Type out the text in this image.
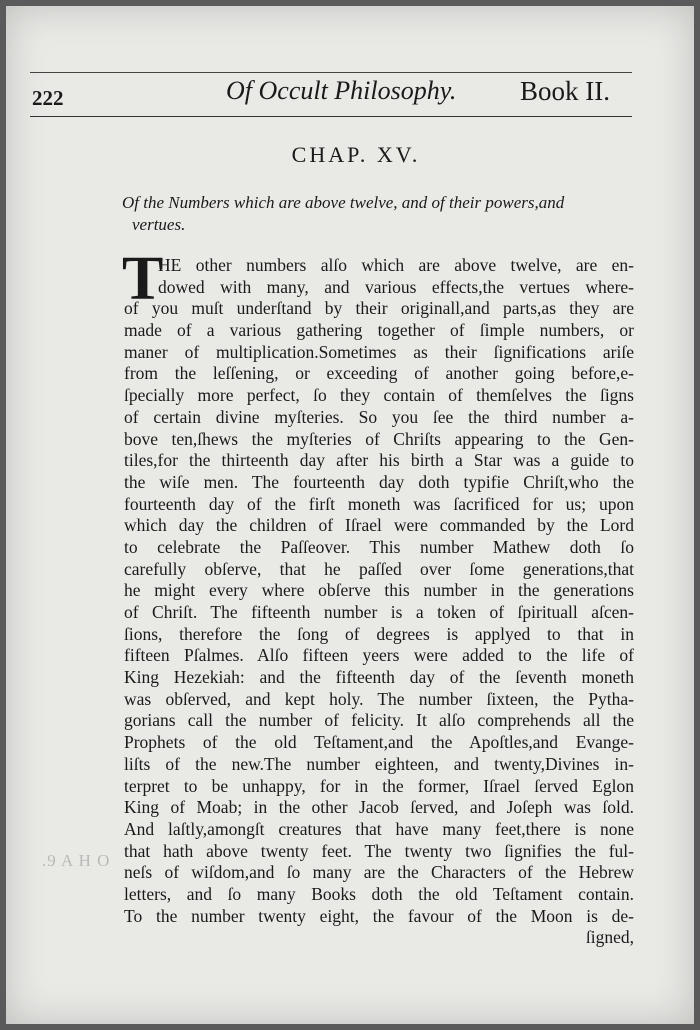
.9 A H O
222	Of Occult Philosophy. Book II.
CHAP. XV.
Of the Numbers which are above twelve, and of their powers,and
vertues.
T
HE other numbers alſo which are above twelve, are en-
dowed with many, and various effects,the vertues where-
of you muſt underſtand by their originall,and parts,as they are
made of a various gathering together of ſimple numbers, or
maner of multiplication.Sometimes as their ſignifications ariſe
from the leſſening, or exceeding of another going before,e-
ſpecially more perfect, ſo they contain of themſelves the ſigns
of certain divine myſteries. So you ſee the third number a-
bove ten,ſhews the myſteries of Chriſts appearing to the Gen-
tiles,for the thirteenth day after his birth a Star was a guide to
the wiſe men. The fourteenth day doth typifie Chriſt,who the
fourteenth day of the firſt moneth was ſacrificed for us; upon
which day the children of Iſrael were commanded by the Lord
to celebrate the Paſſeover. This number Mathew doth ſo
carefully obſerve, that he paſſed over ſome generations,that
he might every where obſerve this number in the generations
of Chriſt. The fifteenth number is a token of ſpirituall aſcen-
ſions, therefore the ſong of degrees is applyed to that in
fifteen Pſalmes. Alſo fifteen yeers were added to the life of
King Hezekiah: and the fifteenth day of the ſeventh moneth
was obſerved, and kept holy. The number ſixteen, the Pytha-
gorians call the number of felicity. It alſo comprehends all the
Prophets of the old Teſtament,and the Apoſtles,and Evange-
liſts of the new.The number eighteen, and twenty,Divines in-
terpret to be unhappy, for in the former, Iſrael ſerved Eglon
King of Moab; in the other Jacob ſerved, and Joſeph was ſold.
And laſtly,amongſt creatures that have many feet,there is none
that hath above twenty feet. The twenty two ſignifies the ful-
neſs of wiſdom,and ſo many are the Characters of the Hebrew
letters, and ſo many Books doth the old Teſtament contain.
To the number twenty eight, the favour of the Moon is de-
ſigned,
